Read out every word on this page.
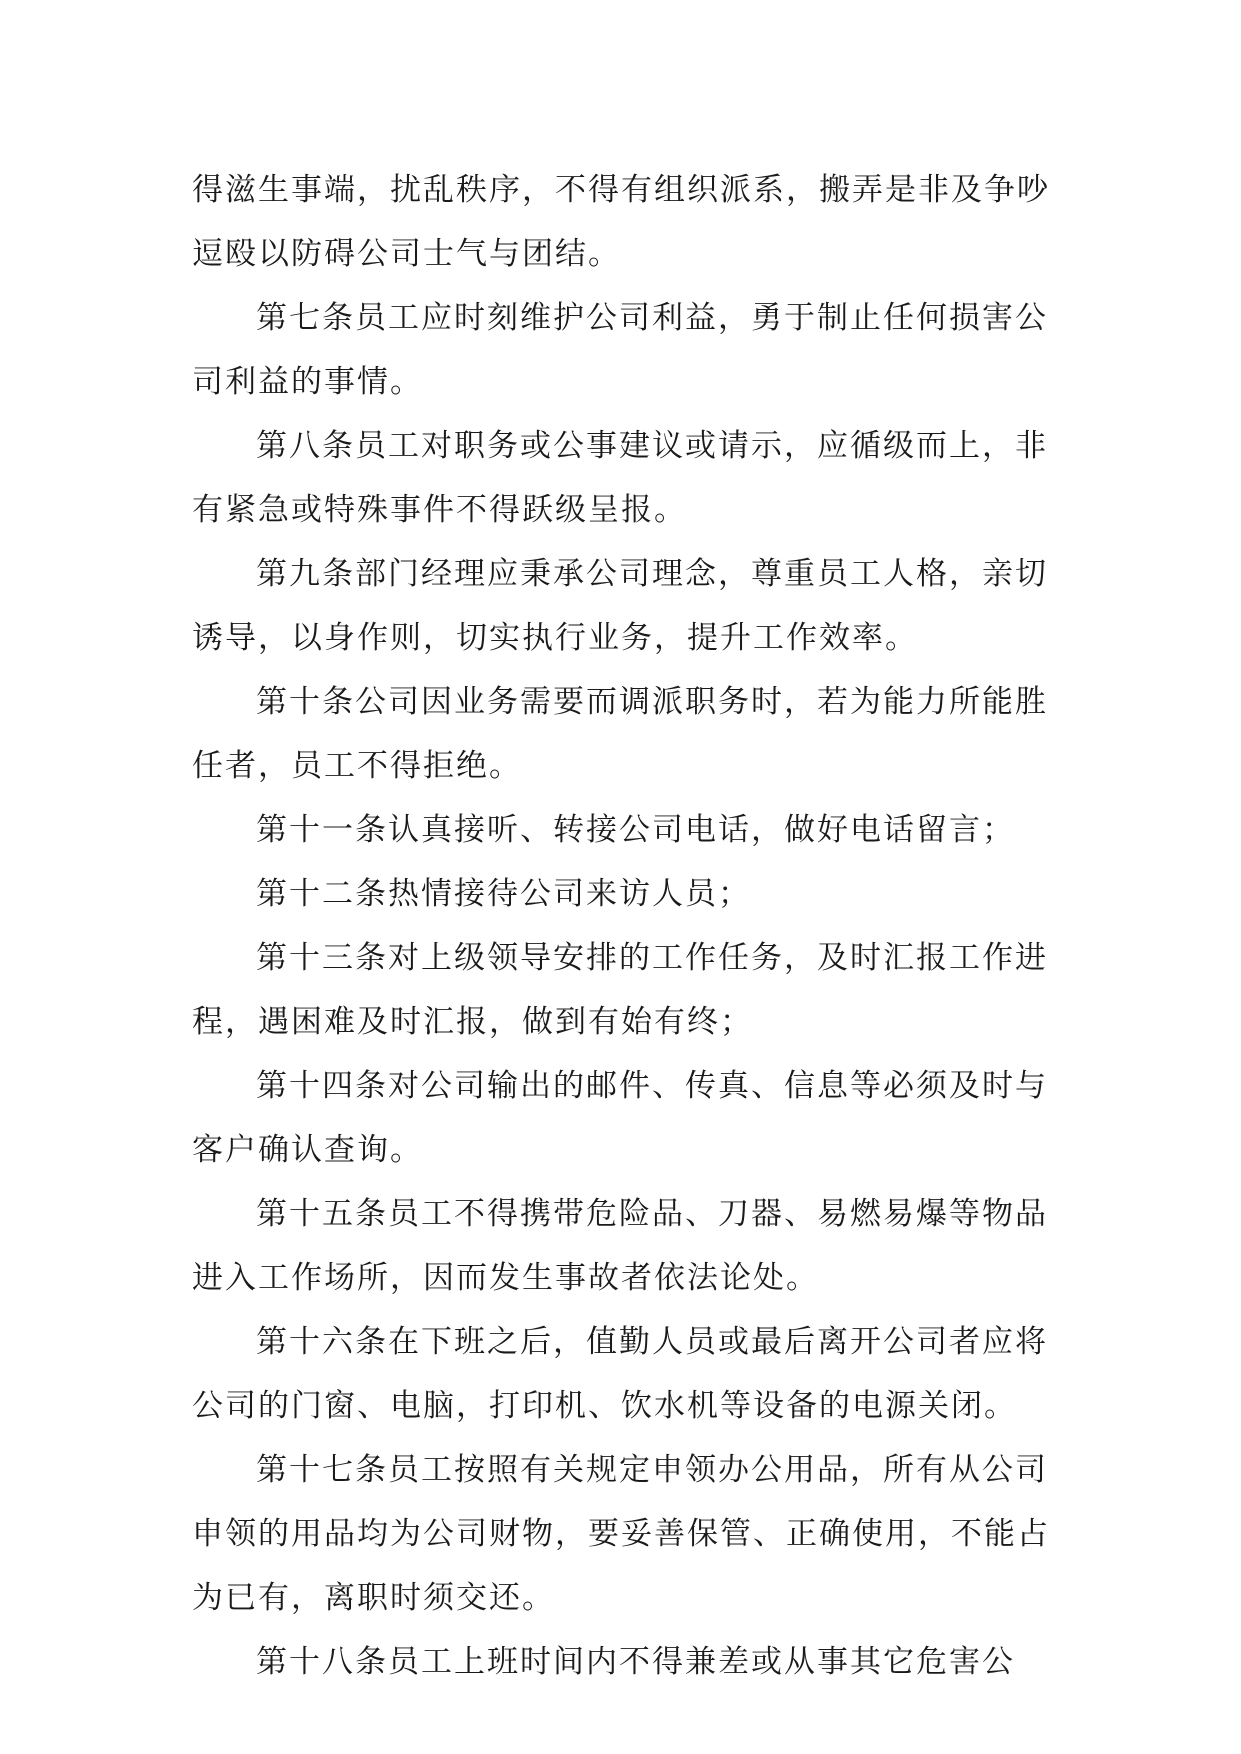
得滋生事端，扰乱秩序，不得有组织派系，搬弄是非及争吵
逗殴以防碍公司士气与团结。
第七条员工应时刻维护公司利益，勇于制止任何损害公
司利益的事情。
第八条员工对职务或公事建议或请示，应循级而上，非
有紧急或特殊事件不得跃级呈报。
第九条部门经理应秉承公司理念，尊重员工人格，亲切
诱导，以身作则，切实执行业务，提升工作效率。
第十条公司因业务需要而调派职务时，若为能力所能胜
任者，员工不得拒绝。
第十一条认真接听、转接公司电话，做好电话留言；
第十二条热情接待公司来访人员；
第十三条对上级领导安排的工作任务，及时汇报工作进
程，遇困难及时汇报，做到有始有终；
第十四条对公司输出的邮件、传真、信息等必须及时与
客户确认查询。
第十五条员工不得携带危险品、刀器、易燃易爆等物品
进入工作场所，因而发生事故者依法论处。
第十六条在下班之后，值勤人员或最后离开公司者应将
公司的门窗、电脑，打印机、饮水机等设备的电源关闭。
第十七条员工按照有关规定申领办公用品，所有从公司
申领的用品均为公司财物，要妥善保管、正确使用，不能占
为已有，离职时须交还。
第十八条员工上班时间内不得兼差或从事其它危害公
